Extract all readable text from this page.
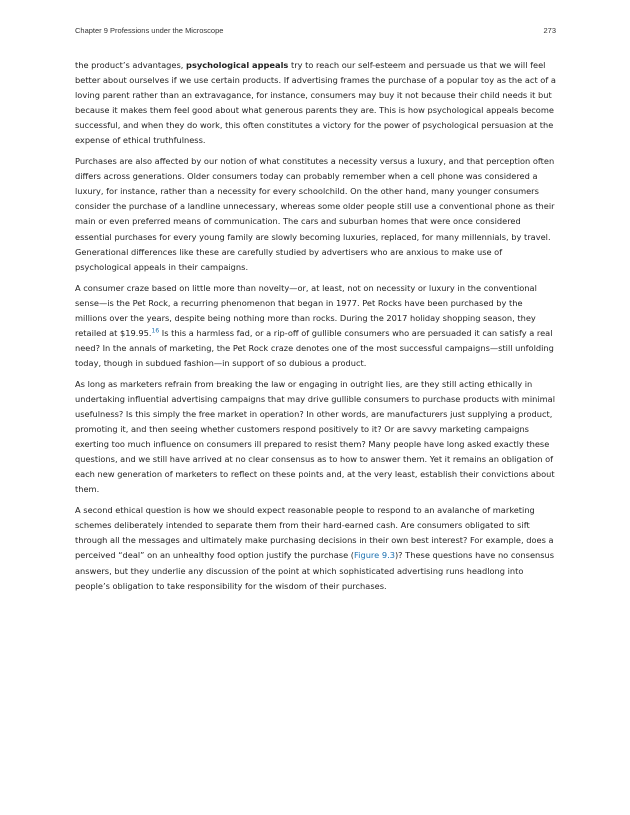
Chapter 9 Professions under the Microscope	273

the product’s advantages, psychological appeals try to reach our self-esteem and persuade us that we will feel better about ourselves if we use certain products. If advertising frames the purchase of a popular toy as the act of a loving parent rather than an extravagance, for instance, consumers may buy it not because their child needs it but because it makes them feel good about what generous parents they are. This is how psychological appeals become successful, and when they do work, this often constitutes a victory for the power of psychological persuasion at the expense of ethical truthfulness.

Purchases are also affected by our notion of what constitutes a necessity versus a luxury, and that perception often differs across generations. Older consumers today can probably remember when a cell phone was considered a luxury, for instance, rather than a necessity for every schoolchild. On the other hand, many younger consumers consider the purchase of a landline unnecessary, whereas some older people still use a conventional phone as their main or even preferred means of communication. The cars and suburban homes that were once considered essential purchases for every young family are slowly becoming luxuries, replaced, for many millennials, by travel. Generational differences like these are carefully studied by advertisers who are anxious to make use of psychological appeals in their campaigns.

A consumer craze based on little more than novelty—or, at least, not on necessity or luxury in the conventional sense—is the Pet Rock, a recurring phenomenon that began in 1977. Pet Rocks have been purchased by the millions over the years, despite being nothing more than rocks. During the 2017 holiday shopping season, they retailed at $19.95.16 Is this a harmless fad, or a rip-off of gullible consumers who are persuaded it can satisfy a real need? In the annals of marketing, the Pet Rock craze denotes one of the most successful campaigns—still unfolding today, though in subdued fashion—in support of so dubious a product.

As long as marketers refrain from breaking the law or engaging in outright lies, are they still acting ethically in undertaking influential advertising campaigns that may drive gullible consumers to purchase products with minimal usefulness? Is this simply the free market in operation? In other words, are manufacturers just supplying a product, promoting it, and then seeing whether customers respond positively to it? Or are savvy marketing campaigns exerting too much influence on consumers ill prepared to resist them? Many people have long asked exactly these questions, and we still have arrived at no clear consensus as to how to answer them. Yet it remains an obligation of each new generation of marketers to reflect on these points and, at the very least, establish their convictions about them.

A second ethical question is how we should expect reasonable people to respond to an avalanche of marketing schemes deliberately intended to separate them from their hard-earned cash. Are consumers obligated to sift through all the messages and ultimately make purchasing decisions in their own best interest? For example, does a perceived “deal” on an unhealthy food option justify the purchase (Figure 9.3)? These questions have no consensus answers, but they underlie any discussion of the point at which sophisticated advertising runs headlong into people’s obligation to take responsibility for the wisdom of their purchases.
